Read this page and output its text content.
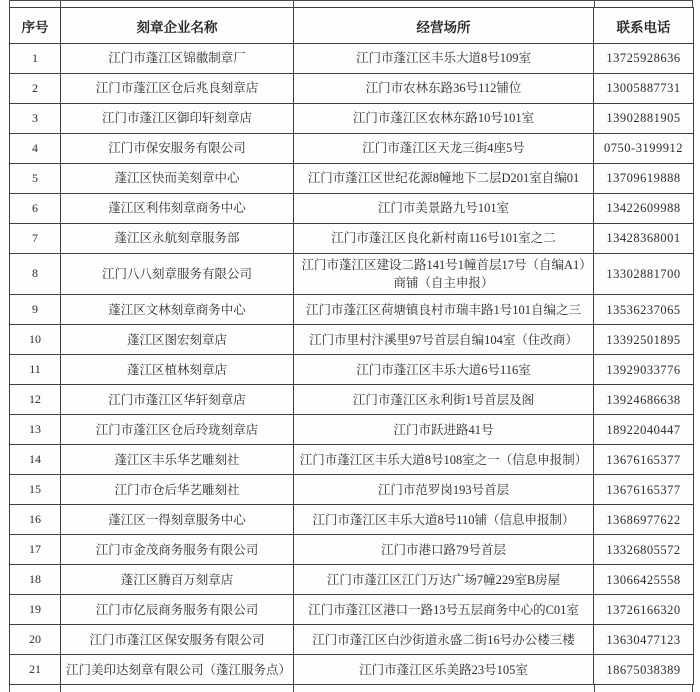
序号	刻章企业名称	经营场所	联系电话
1	江门市蓬江区锦徽制章厂	江门市蓬江区丰乐大道8号109室	13725928636
2	江门市蓬江区仓后兆良刻章店	江门市农林东路36号112铺位	13005887731
3	江门市蓬江区御印轩刻章店	江门市蓬江区农林东路10号101室	13902881905
4	江门市保安服务有限公司	江门市蓬江区天龙三街4座5号	0750-3199912
5	蓬江区快而美刻章中心	江门市蓬江区世纪花源8幢地下二层D201室自编01	13709619888
6	蓬江区利伟刻章商务中心	江门市美景路九号101室	13422609988
7	蓬江区永航刻章服务部	江门市蓬江区良化新村南116号101室之二	13428368001
8	江门八八刻章服务有限公司	江门市蓬江区建设二路141号1幢首层17号（自编A1）商铺（自主申报）	13302881700
9	蓬江区文林刻章商务中心	江门市蓬江区荷塘镇良村市瑞丰路1号101自编之三	13536237065
10	蓬江区图宏刻章店	江门市里村汴溪里97号首层自编104室（住改商）	13392501895
11	蓬江区植林刻章店	江门市蓬江区丰乐大道6号116室	13929033776
12	江门市蓬江区华轩刻章店	江门市蓬江区永利街1号首层及阁	13924686638
13	江门市蓬江区仓后玲珑刻章店	江门市跃进路41号	18922040447
14	蓬江区丰乐华艺雕刻社	江门市蓬江区丰乐大道8号108室之一（信息申报制）	13676165377
15	江门市仓后华艺雕刻社	江门市范罗岗193号首层	13676165377
16	蓬江区一得刻章服务中心	江门市蓬江区丰乐大道8号110铺（信息申报制）	13686977622
17	江门市金茂商务服务有限公司	江门市港口路79号首层	13326805572
18	蓬江区腾百万刻章店	江门市蓬江区江门万达广场7幢229室B房屋	13066425558
19	江门市亿辰商务服务有限公司	江门市蓬江区港口一路13号五层商务中心的C01室	13726166320
20	江门市蓬江区保安服务有限公司	江门市蓬江区白沙街道永盛二街16号办公楼三楼	13630477123
21	江门美印达刻章有限公司（蓬江服务点）	江门市蓬江区乐美路23号105室	18675038389
